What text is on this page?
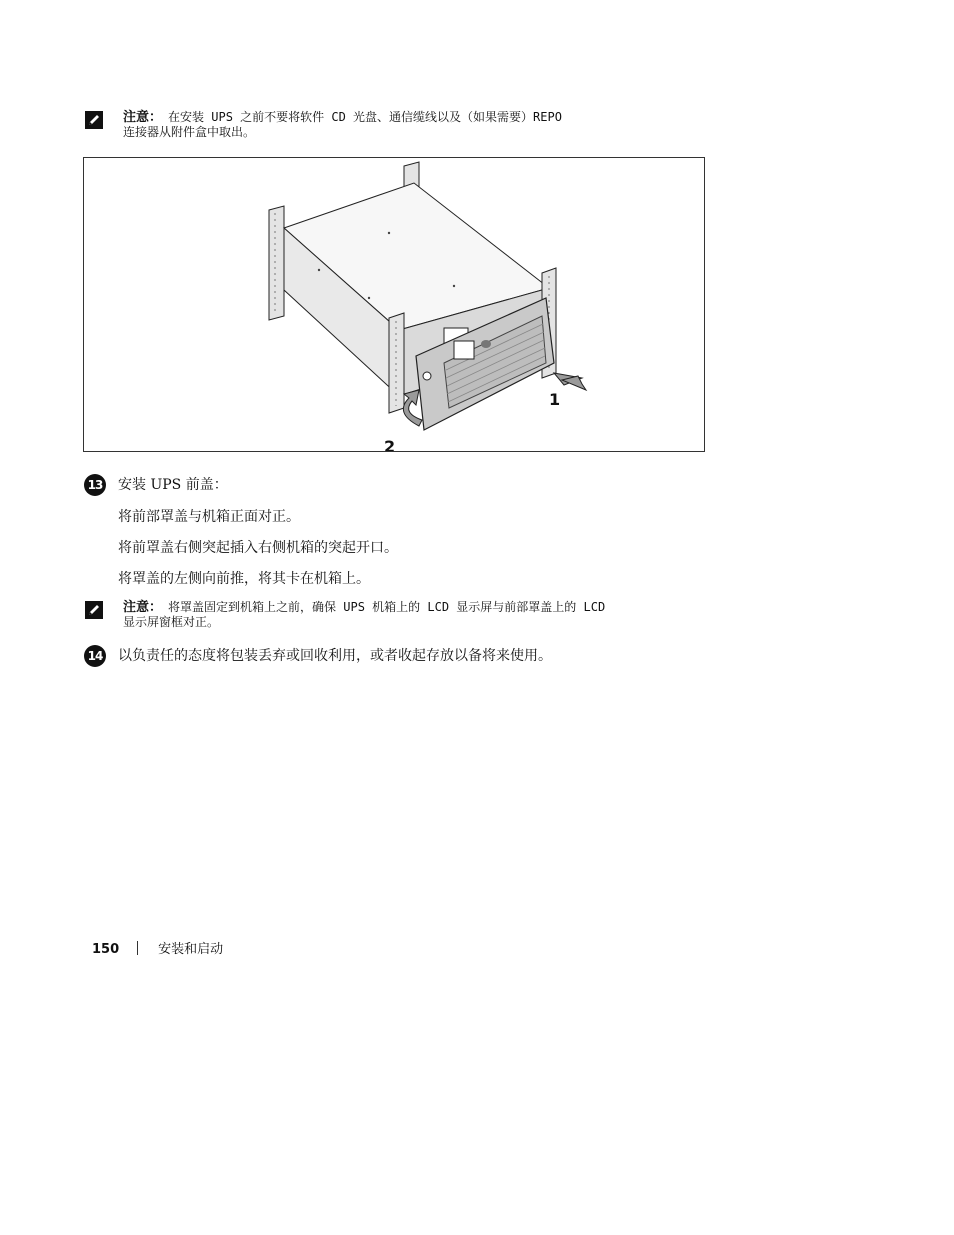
注意： 在安装 UPS 之前不要将软件 CD 光盘、通信缆线以及（如果需要）REPO
连接器从附件盒中取出。
1
2
13 安装 UPS 前盖：
将前部罩盖与机箱正面对正。
将前罩盖右侧突起插入右侧机箱的突起开口。
将罩盖的左侧向前推，将其卡在机箱上。
注意： 将罩盖固定到机箱上之前，确保 UPS 机箱上的 LCD 显示屏与前部罩盖上的 LCD
显示屏窗框对正。
14 以负责任的态度将包装丢弃或回收利用，或者收起存放以备将来使用。
150	安装和启动
